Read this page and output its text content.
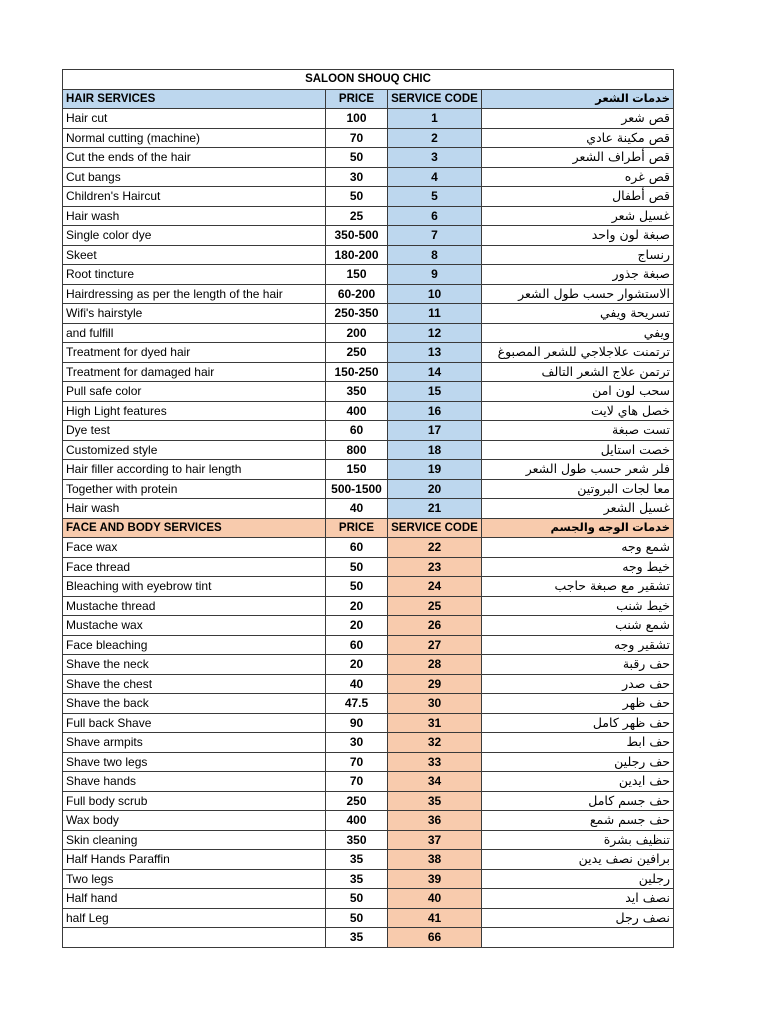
SALOON SHOUQ CHIC			
HAIR SERVICES	PRICE	SERVICE CODE	خدمات الشعر
Hair cut	100	1	قص شعر
Normal cutting (machine)	70	2	قص مكينة عادي
Cut the ends of the hair	50	3	قص أطراف الشعر
Cut bangs	30	4	قص غره
Children's Haircut	50	5	قص أطفال
Hair wash	25	6	غسيل شعر
Single color dye	350-500	7	صبغة لون واحد
Skeet	180-200	8	رنساج
Root tincture	150	9	صبغة جذور
Hairdressing as per the length of the hair	60-200	10	الاستشوار حسب طول الشعر
Wifi's hairstyle	250-350	11	تسريحة ويفي
and fulfill	200	12	ويفي
Treatment for dyed hair	250	13	ترتمنت علاجلاجي للشعر المصبوغ
Treatment for damaged hair	150-250	14	ترتمن علاج الشعر التالف
Pull safe color	350	15	سحب لون امن
High Light features	400	16	خصل هاي لايت
Dye test	60	17	تست صبغة
Customized style	800	18	خصت استايل
Hair filler according to hair length	150	19	فلر شعر حسب طول الشعر
Together with protein	500-1500	20	معا لجات البروتين
Hair wash	40	21	غسيل الشعر
FACE AND BODY SERVICES	PRICE	SERVICE CODE	خدمات الوجه والجسم
Face wax	60	22	شمع وجه
Face thread	50	23	خيط وجه
Bleaching with eyebrow tint	50	24	تشقير مع صبغة حاجب
Mustache thread	20	25	خيط شنب
Mustache wax	20	26	شمع شنب
Face bleaching	60	27	تشقير وجه
Shave the neck	20	28	حف رقبة
Shave the chest	40	29	حف صدر
Shave the back	47.5	30	حف ظهر
Full back Shave	90	31	حف ظهر كامل
Shave armpits	30	32	حف ابط
Shave two legs	70	33	حف رجلين
Shave hands	70	34	حف ايدين
Full body scrub	250	35	حف جسم كامل
Wax body	400	36	حف جسم شمع
Skin cleaning	350	37	تنظيف بشرة
Half Hands Paraffin	35	38	برافين نصف يدين
Two legs	35	39	رجلين
Half hand	50	40	نصف ايد
half Leg	50	41	نصف رجل
	35	66	
